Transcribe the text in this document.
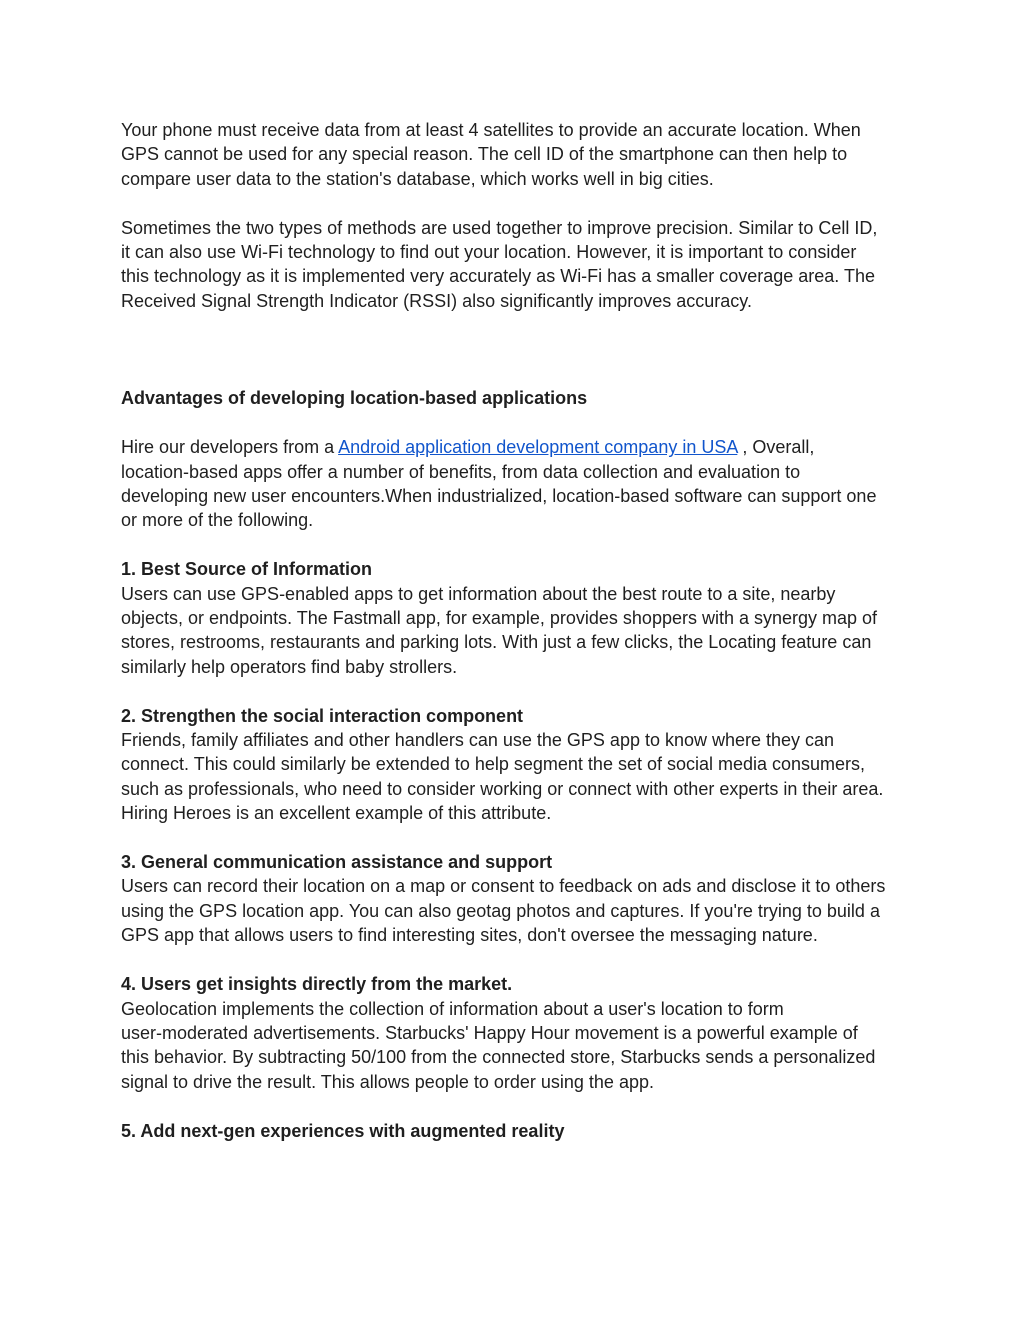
Your phone must receive data from at least 4 satellites to provide an accurate location. When
GPS cannot be used for any special reason. The cell ID of the smartphone can then help to
compare user data to the station's database, which works well in big cities.

Sometimes the two types of methods are used together to improve precision. Similar to Cell ID,
it can also use Wi-Fi technology to find out your location. However, it is important to consider
this technology as it is implemented very accurately as Wi-Fi has a smaller coverage area. The
Received Signal Strength Indicator (RSSI) also significantly improves accuracy.

Advantages of developing location-based applications

Hire our developers from a Android application development company in USA , Overall,
location-based apps offer a number of benefits, from data collection and evaluation to
developing new user encounters.When industrialized, location-based software can support one
or more of the following.

1. Best Source of Information

Users can use GPS-enabled apps to get information about the best route to a site, nearby
objects, or endpoints. The Fastmall app, for example, provides shoppers with a synergy map of
stores, restrooms, restaurants and parking lots. With just a few clicks, the Locating feature can
similarly help operators find baby strollers.

2. Strengthen the social interaction component

Friends, family affiliates and other handlers can use the GPS app to know where they can
connect. This could similarly be extended to help segment the set of social media consumers,
such as professionals, who need to consider working or connect with other experts in their area.
Hiring Heroes is an excellent example of this attribute.

3. General communication assistance and support

Users can record their location on a map or consent to feedback on ads and disclose it to others
using the GPS location app. You can also geotag photos and captures. If you're trying to build a
GPS app that allows users to find interesting sites, don't oversee the messaging nature.

4. Users get insights directly from the market.

Geolocation implements the collection of information about a user's location to form
user-moderated advertisements. Starbucks' Happy Hour movement is a powerful example of
this behavior. By subtracting 50/100 from the connected store, Starbucks sends a personalized
signal to drive the result. This allows people to order using the app.

5. Add next-gen experiences with augmented reality
